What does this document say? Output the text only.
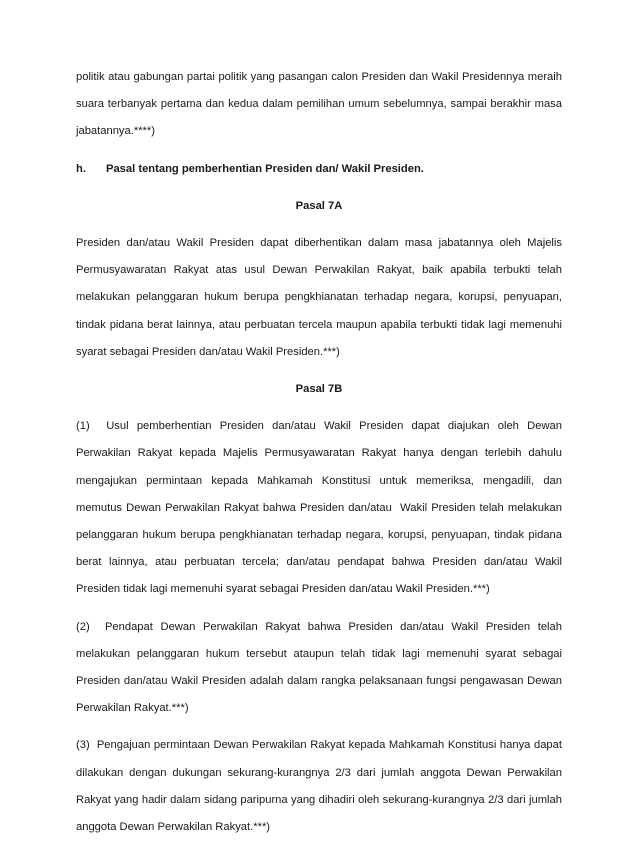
politik atau gabungan partai politik yang pasangan calon Presiden dan Wakil Presidennya meraih suara terbanyak pertama dan kedua dalam pemilihan umum sebelumnya, sampai berakhir masa jabatannya.****)

h.	Pasal tentang pemberhentian Presiden dan/ Wakil Presiden.

Pasal 7A

Presiden dan/atau Wakil Presiden dapat diberhentikan dalam masa jabatannya oleh Majelis Permusyawaratan Rakyat atas usul Dewan Perwakilan Rakyat, baik apabila terbukti telah melakukan pelanggaran hukum berupa pengkhianatan terhadap negara, korupsi, penyuapan, tindak pidana berat lainnya, atau perbuatan tercela maupun apabila terbukti tidak lagi memenuhi syarat sebagai Presiden dan/atau Wakil Presiden.***)

Pasal 7B

(1)  Usul pemberhentian Presiden dan/atau Wakil Presiden dapat diajukan oleh Dewan Perwakilan Rakyat kepada Majelis Permusyawaratan Rakyat hanya dengan terlebih dahulu mengajukan permintaan kepada Mahkamah Konstitusi untuk memeriksa, mengadili, dan memutus Dewan Perwakilan Rakyat bahwa Presiden dan/atau  Wakil Presiden telah melakukan pelanggaran hukum berupa pengkhianatan terhadap negara, korupsi, penyuapan, tindak pidana berat lainnya, atau perbuatan tercela; dan/atau pendapat bahwa Presiden dan/atau Wakil Presiden tidak lagi memenuhi syarat sebagai Presiden dan/atau Wakil Presiden.***)

(2)  Pendapat Dewan Perwakilan Rakyat bahwa Presiden dan/atau Wakil Presiden telah melakukan pelanggaran hukum tersebut ataupun telah tidak lagi memenuhi syarat sebagai Presiden dan/atau Wakil Presiden adalah dalam rangka pelaksanaan fungsi pengawasan Dewan Perwakilan Rakyat.***)

(3)  Pengajuan permintaan Dewan Perwakilan Rakyat kepada Mahkamah Konstitusi hanya dapat dilakukan dengan dukungan sekurang-kurangnya 2/3 dari jumlah anggota Dewan Perwakilan Rakyat yang hadir dalam sidang paripurna yang dihadiri oleh sekurang-kurangnya 2/3 dari jumlah anggota Dewan Perwakilan Rakyat.***)
